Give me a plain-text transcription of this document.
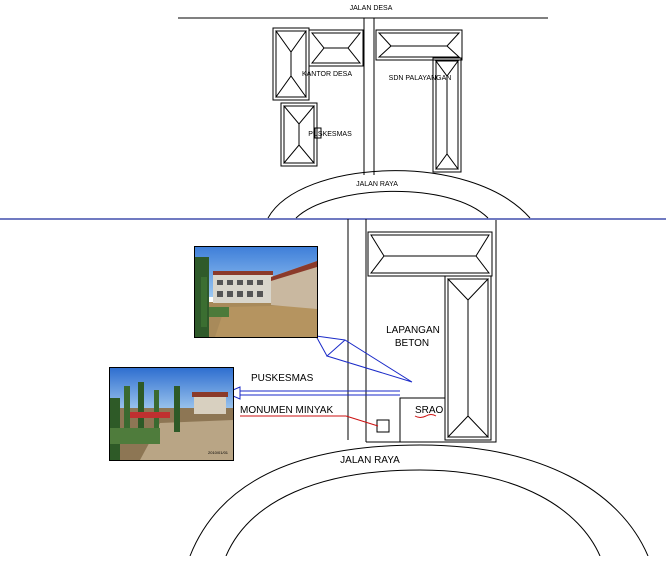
JALAN DESA
KANTOR DESA
PUSKESMAS
SDN PALAYANGAN
JALAN RAYA
LAPANGAN
BETON
MONUMEN MINYAK	SRAO
PUSKESMAS
JALAN RAYA
2010/01/01
